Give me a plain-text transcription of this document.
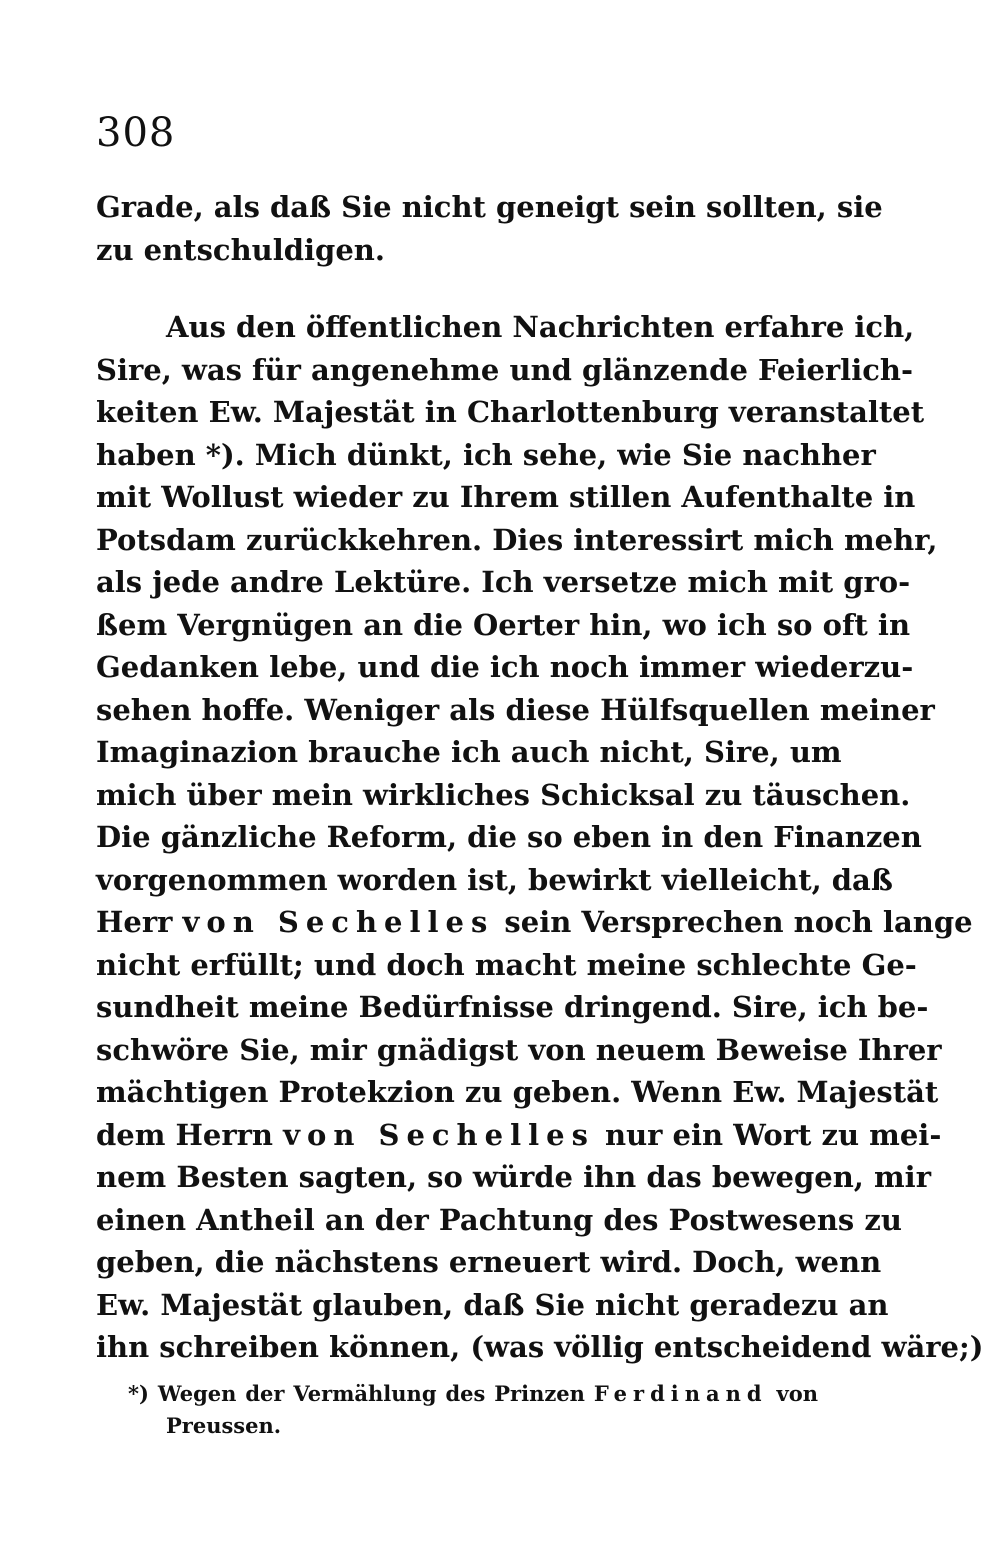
308
Grade, als daß Sie nicht geneigt sein sollten, sie
zu entschuldigen.
Aus den öffentlichen Nachrichten erfahre ich,
Sire, was für angenehme und glänzende Feierlich-
keiten Ew. Majestät in Charlottenburg veranstaltet
haben *). Mich dünkt, ich sehe, wie Sie nachher
mit Wollust wieder zu Ihrem stillen Aufenthalte in
Potsdam zurückkehren. Dies interessirt mich mehr,
als jede andre Lektüre. Ich versetze mich mit gro-
ßem Vergnügen an die Oerter hin, wo ich so oft in
Gedanken lebe, und die ich noch immer wiederzu-
sehen hoffe. Weniger als diese Hülfsquellen meiner
Imaginazion brauche ich auch nicht, Sire, um
mich über mein wirkliches Schicksal zu täuschen.
Die gänzliche Reform, die so eben in den Finanzen
vorgenommen worden ist, bewirkt vielleicht, daß
Herr von Sechelles sein Versprechen noch lange
nicht erfüllt; und doch macht meine schlechte Ge-
sundheit meine Bedürfnisse dringend. Sire, ich be-
schwöre Sie, mir gnädigst von neuem Beweise Ihrer
mächtigen Protekzion zu geben. Wenn Ew. Majestät
dem Herrn von Sechelles nur ein Wort zu mei-
nem Besten sagten, so würde ihn das bewegen, mir
einen Antheil an der Pachtung des Postwesens zu
geben, die nächstens erneuert wird. Doch, wenn
Ew. Majestät glauben, daß Sie nicht geradezu an
ihn schreiben können, (was völlig entscheidend wäre;)
*) Wegen der Vermählung des Prinzen Ferdinand von
Preussen.
